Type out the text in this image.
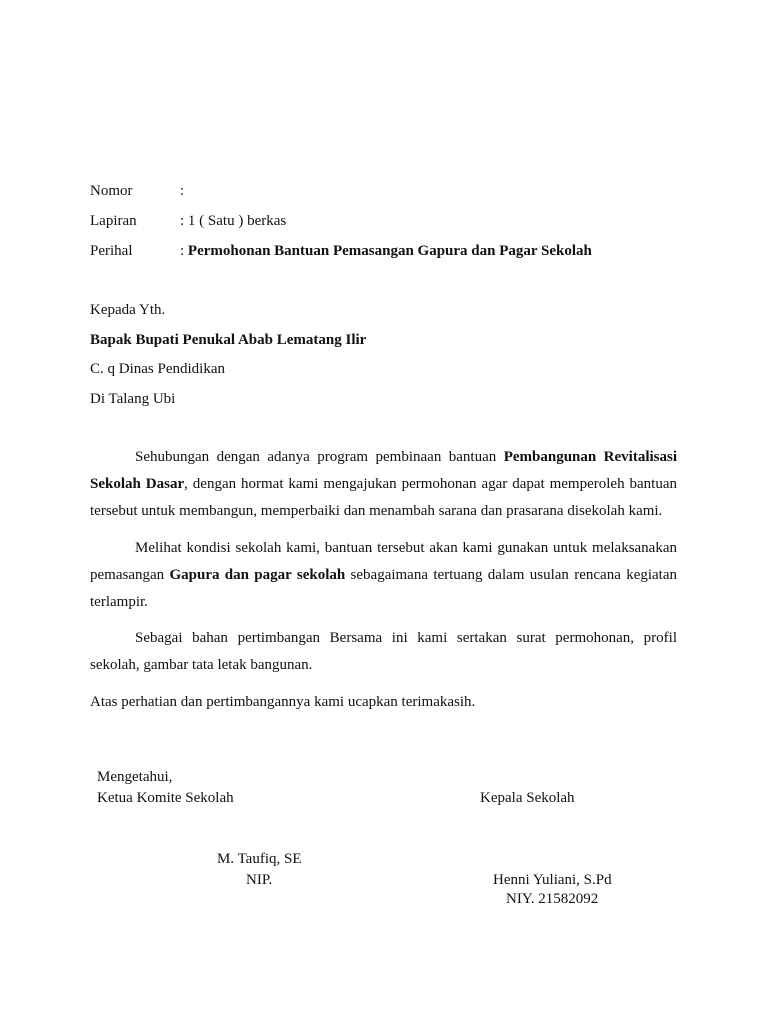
Nomor	:
Lapiran	: 1 ( Satu ) berkas
Perihal	: Permohonan Bantuan Pemasangan Gapura dan Pagar Sekolah
Kepada Yth.
Bapak Bupati Penukal Abab Lematang Ilir
C. q Dinas Pendidikan
Di Talang Ubi

Sehubungan dengan adanya program pembinaan bantuan Pembangunan Revitalisasi Sekolah Dasar, dengan hormat kami mengajukan permohonan agar dapat memperoleh bantuan tersebut untuk membangun, memperbaiki dan menambah sarana dan prasarana disekolah kami.

Melihat kondisi sekolah kami, bantuan tersebut akan kami gunakan untuk melaksanakan pemasangan Gapura dan pagar sekolah sebagaimana tertuang dalam usulan rencana kegiatan terlampir.

Sebagai bahan pertimbangan Bersama ini kami sertakan surat permohonan, profil sekolah, gambar tata letak bangunan.

Atas perhatian dan pertimbangannya kami ucapkan terimakasih.

Mengetahui,
Ketua Komite Sekolah	Kepala Sekolah
M. Taufiq, SE
NIP.	Henni Yuliani, S.Pd
NIY. 21582092
